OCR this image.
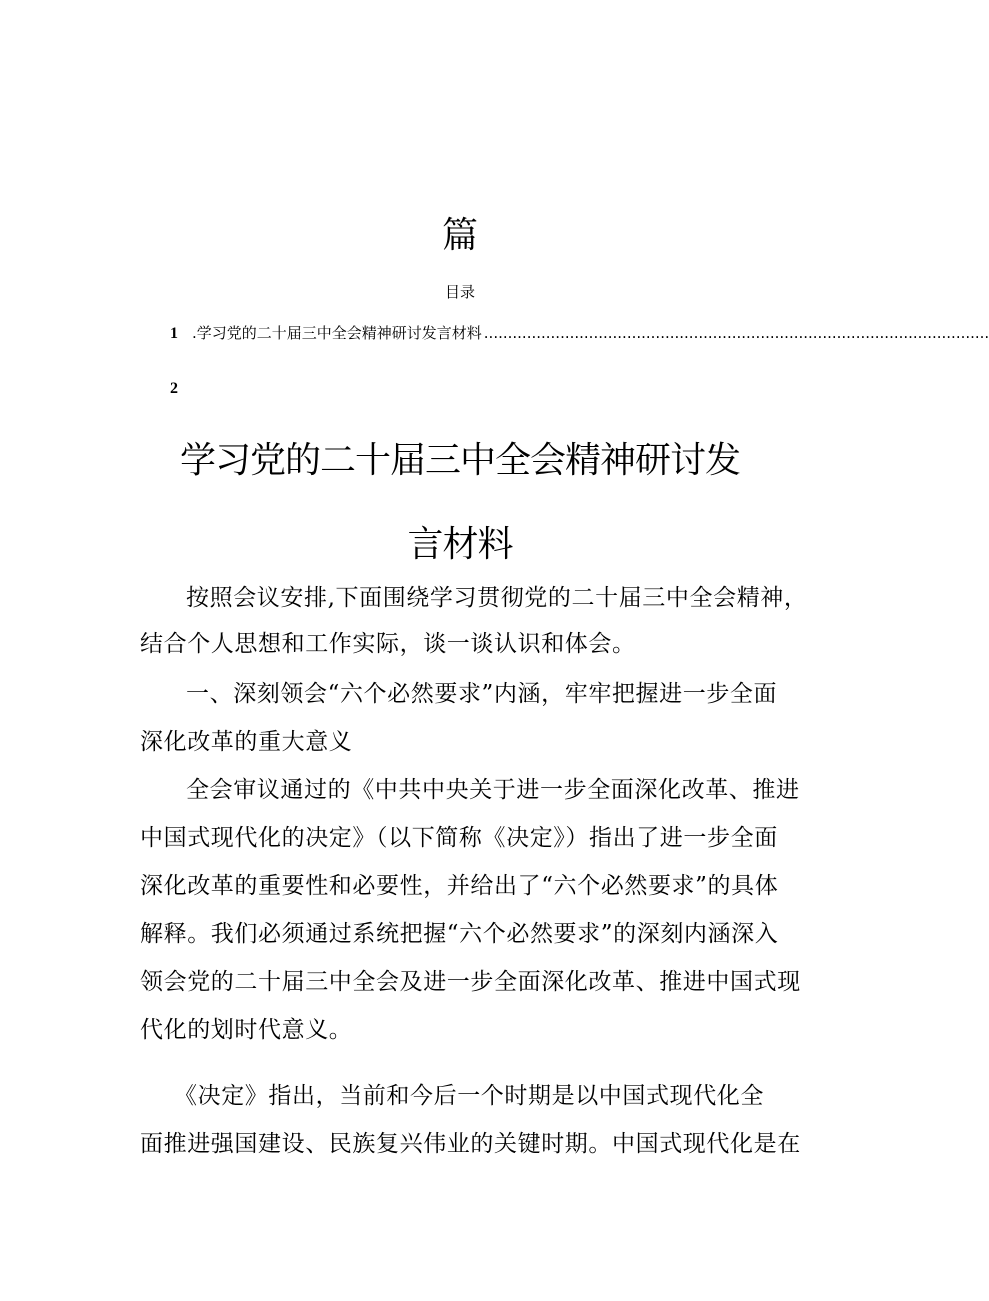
篇
目录
1 .学习党的二十届三中全会精神研讨发言材料 ..........................................................................................................
2
学习党的二十届三中全会精神研讨发
言材料

按照会议安排,下面围绕学习贯彻党的二十届三中全会精神，

结合个人思想和工作实际，谈一谈认识和体会。

一、深刻领会“六个必然要求”内涵，牢牢把握进一步全面

深化改革的重大意义

全会审议通过的《中共中央关于进一步全面深化改革、推进

中国式现代化的决定》（以下简称《决定》）指出了进一步全面

深化改革的重要性和必要性，并给出了“六个必然要求”的具体

解释。我们必须通过系统把握“六个必然要求”的深刻内涵深入

领会党的二十届三中全会及进一步全面深化改革、推进中国式现

代化的划时代意义。

《决定》指出，当前和今后一个时期是以中国式现代化全

面推进强国建设、民族复兴伟业的关键时期。中国式现代化是在
